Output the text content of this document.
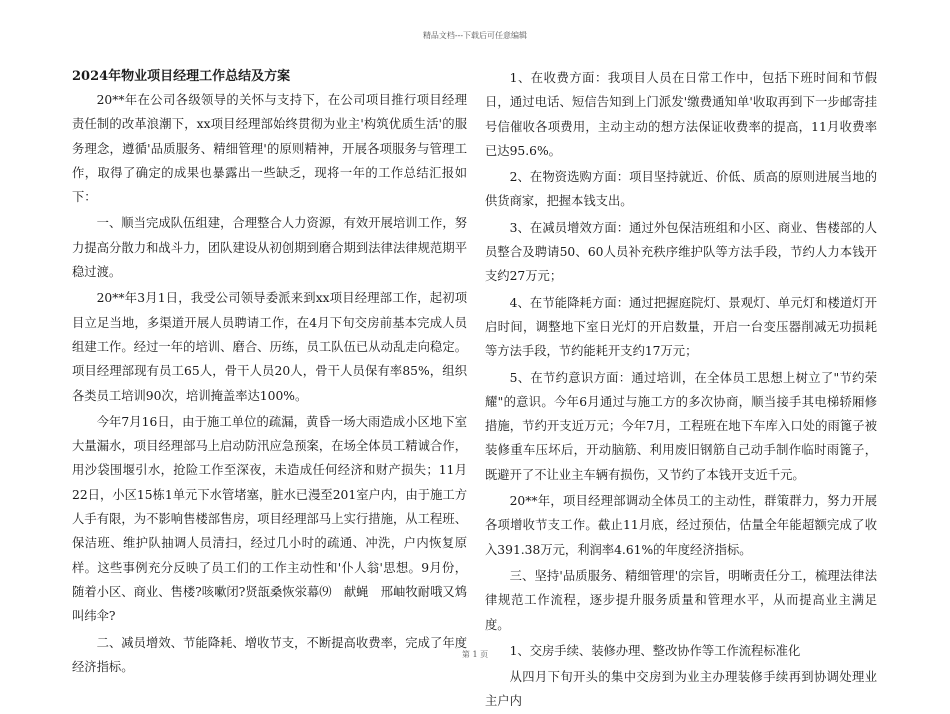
精品文档---下载后可任意编辑

2024年物业项目经理工作总结及方案

20**年在公司各级领导的关怀与支持下，在公司项目推行项目经理责任制的改革浪潮下，xx项目经理部始终贯彻为业主'构筑优质生活'的服务理念，遵循'品质服务、精细管理'的原则精神，开展各项服务与管理工作，取得了确定的成果也暴露出一些缺乏，现将一年的工作总结汇报如下：

一、顺当完成队伍组建，合理整合人力资源，有效开展培训工作，努力提高分散力和战斗力，团队建设从初创期到磨合期到法律法律规范期平稳过渡。

20**年3月1日，我受公司领导委派来到xx项目经理部工作，起初项目立足当地，多渠道开展人员聘请工作，在4月下旬交房前基本完成人员组建工作。经过一年的培训、磨合、历练，员工队伍已从动乱走向稳定。项目经理部现有员工65人，骨干人员20人，骨干人员保有率85%，组织各类员工培训90次，培训掩盖率达100%。

今年7月16日，由于施工单位的疏漏，黄昏一场大雨造成小区地下室大量漏水，项目经理部马上启动防汛应急预案，在场全体员工精诚合作，用沙袋围堰引水，抢险工作至深夜，未造成任何经济和财产损失；11月22日，小区15栋1单元下水管堵塞，脏水已漫至201室户内，由于施工方人手有限，为不影响售楼部售房，项目经理部马上实行措施，从工程班、保洁班、维护队抽调人员清扫，经过几小时的疏通、冲洗，户内恢复原样。这些事例充分反映了员工们的工作主动性和'仆人翁'思想。9月份，随着小区、商业、售楼?咳嗽闭?贤瓿桑恢泶幕⑼　献蝇　邢岫牧耐哦又鸩叫纬伞?

二、减员增效、节能降耗、增收节支，不断提高收费率，完成了年度经济指标。

1、在收费方面：我项目人员在日常工作中，包括下班时间和节假日，通过电话、短信告知到上门派发'缴费通知单'收取再到下一步邮寄挂号信催收各项费用，主动主动的想方法保证收费率的提高，11月收费率已达95.6%。

2、在物资选购方面：项目坚持就近、价低、质高的原则进展当地的供货商家，把握本钱支出。

3、在减员增效方面：通过外包保洁班组和小区、商业、售楼部的人员整合及聘请50、60人员补充秩序维护队等方法手段，节约人力本钱开支约27万元；

4、在节能降耗方面：通过把握庭院灯、景观灯、单元灯和楼道灯开启时间，调整地下室日光灯的开启数量，开启一台变压器削减无功损耗等方法手段，节约能耗开支约17万元；

5、在节约意识方面：通过培训，在全体员工思想上树立了"节约荣耀"的意识。今年6月通过与施工方的多次协商，顺当接手其电梯轿厢修措施，节约开支近万元；今年7月，工程班在地下车库入口处的雨篦子被装修重车压坏后，开动脑筋、利用废旧钢筋自己动手制作临时雨篦子，既避开了不让业主车辆有损伤，又节约了本钱开支近千元。

20**年，项目经理部调动全体员工的主动性，群策群力，努力开展各项增收节支工作。截止11月底，经过预估，估量全年能超额完成了收入391.38万元，利润率4.61%的年度经济指标。

三、坚持'品质服务、精细管理'的宗旨，明晰责任分工，梳理法律法律规范工作流程，逐步提升服务质量和管理水平，从而提高业主满足度。

1、交房手续、装修办理、整改协作等工作流程标准化

从四月下旬开头的集中交房到为业主办理装修手续再到协调处理业主户内

第 1 页
